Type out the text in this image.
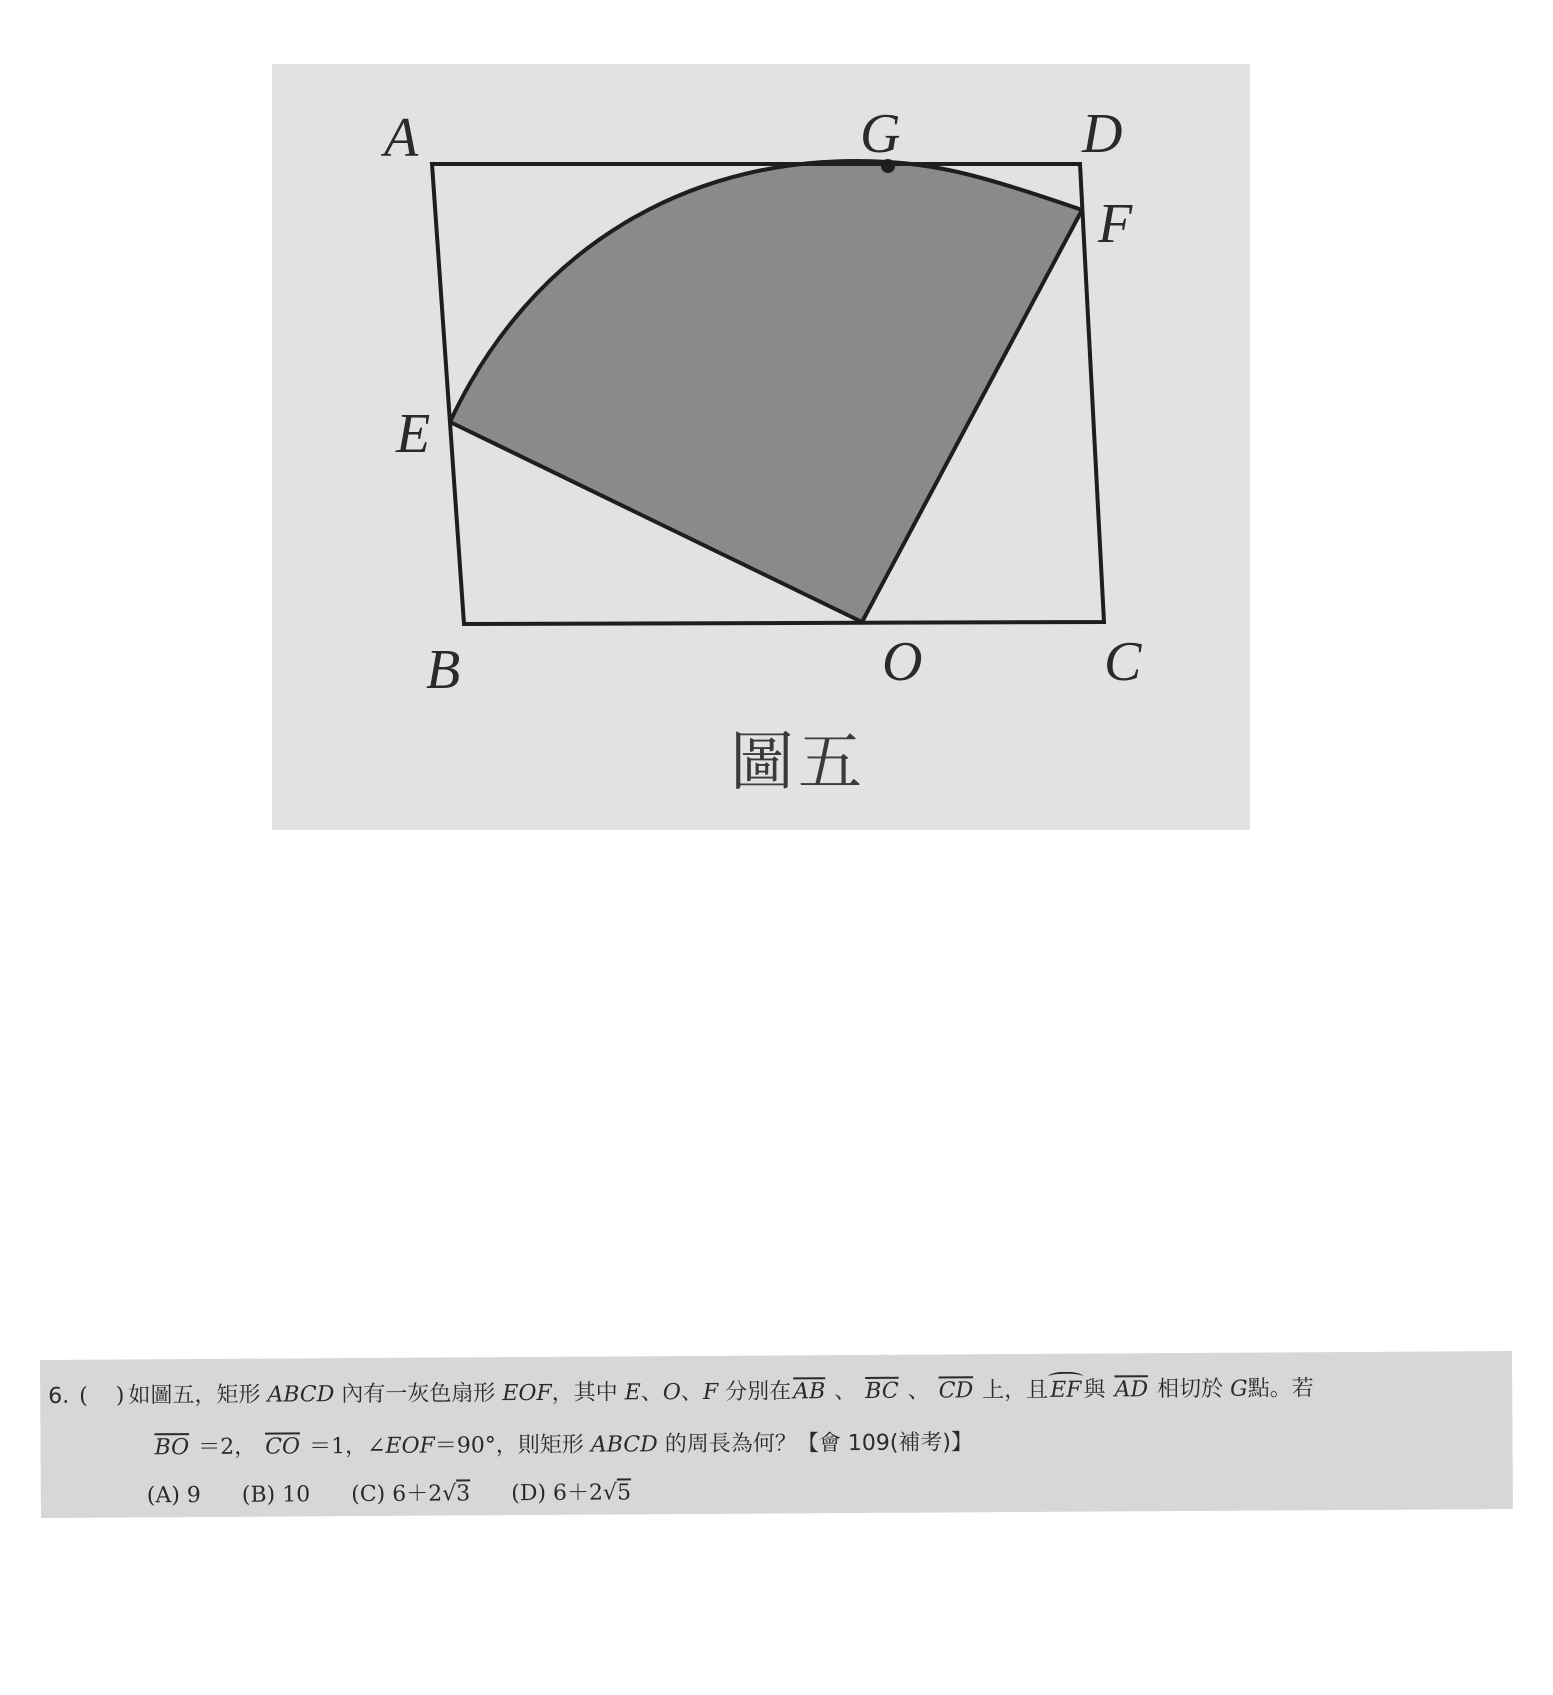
A	G	D
F
E
B	O	C
圖五
6. ( ) 如圖五，矩形 ABCD 內有一灰色扇形 EOF，其中 E、O、F 分別在$\overline{AB}$ 、 $\overline{BC}$ 、 $\overline{CD}$ 上，且EF與 $\overline{AD}$ 相切於 G點。若
$\overline{BO} =2$， $\overline{CO} =1$，∠EOF＝90°，則矩形 ABCD 的周長為何？【會 109(補考)】
(A) 9 (B) 10 (C) 6＋2√3 (D) 6＋2√5
